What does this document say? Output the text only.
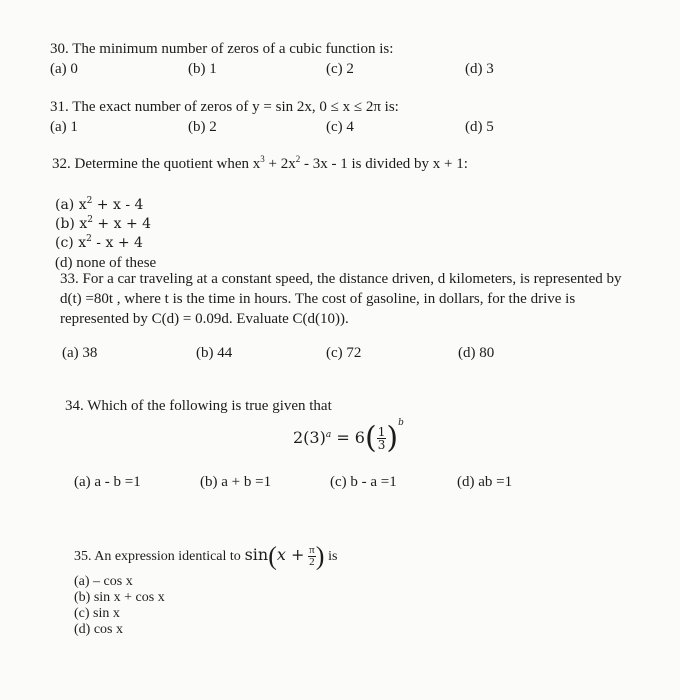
30. The minimum number of zeros of a cubic function is:
(a) 0	(b) 1	(c) 2	(d) 3
31. The exact number of zeros of y = sin 2x, 0 ≤ x ≤ 2π is:
(a) 1	(b) 2	(c) 4	(d) 5
32. Determine the quotient when $x^3 + 2x^2 - 3x - 1$ is divided by x + 1:
(a) $x^2 + x - 4$
(b) $x^2 + x + 4$
(c) $x^2 - x + 4$
(d) none of these
33. For a car traveling at a constant speed, the distance driven, d kilometers, is represented by
d(t) =80t , where t is the time in hours. The cost of gasoline, in dollars, for the drive is
represented by C(d) = 0.09d. Evaluate C(d(10)).
(a) 38	(b) 44	(c) 72	(d) 80
34. Which of the following is true given that
$2(3)^a = 6( \frac{1}{3} )^b$
(a) a - b =1	(b) a + b =1	(c) b - a =1	(d) ab =1
35. An expression identical to $\sin(x + \frac{\pi}{2}$ ) is
(a) – cos x
(b) sin x + cos x
(c) sin x
(d) cos x
